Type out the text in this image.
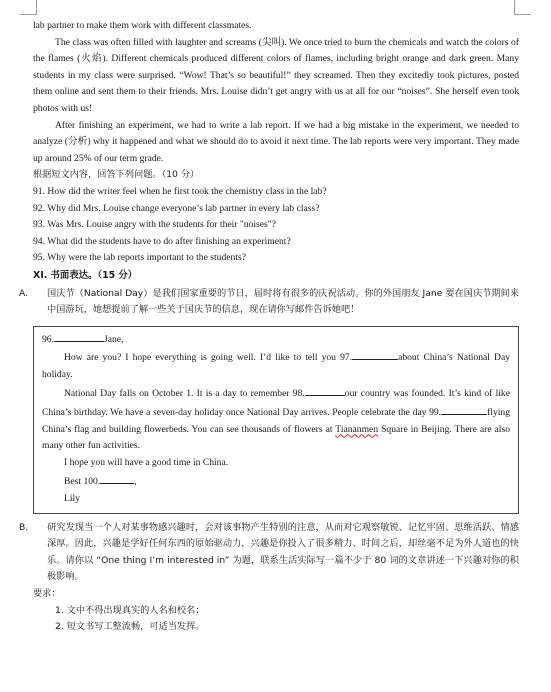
lab partner to make them work with different classmates.

The class was often filled with laughter and screams (尖叫). We once tried to burn the chemicals and watch the colors of the flames (火焰). Different chemicals produced different colors of flames, including bright orange and dark green. Many students in my class were surprised. “Wow! That’s so beautiful!” they screamed. Then they excitedly took pictures, posted them online and sent them to their friends. Mrs. Louise didn’t get angry with us at all for our “noises”. She herself even took photos with us!

After finishing an experiment, we had to write a lab report. If we had a big mistake in the experiment, we needed to analyze (分析) why it happened and what we should do to avoid it next time. The lab reports were very important. They made up around 25% of our term grade.

根据短文内容，回答下列问题。（10 分）

91. How did the writer feel when he first took the chemistry class in the lab?

92. Why did Mrs. Louise change everyone’s lab partner in every lab class?

93. Was Mrs. Louise angry with the students for their "noises"?

94. What did the students have to do after finishing an experiment?

95. Why were the lab reports important to the students?

XI. 书面表达。（15 分）

A. 国庆节（National Day）是我们国家重要的节日，届时将有很多的庆祝活动。你的外国朋友 Jane 要在国庆节期间来中国游玩，她想提前了解一些关于国庆节的信息，现在请你写邮件告诉她吧！

96.	Jane,

How are you? I hope everything is going well. I’d like to tell you 97.	about China’s National Day holiday.

National Day falls on October 1. It is a day to remember 98.	our country was founded. It’s kind of like China’s birthday. We have a seven-day holiday once National Day arrives. People celebrate the day 99.	flying China’s flag and building flowerbeds. You can see thousands of flowers at Tiananmen Square in Beijing. There are also many other fun activities.

I hope you will have a good time in China.

Best 100.	,

Lily

B. 研究发现当一个人对某事物感兴趣时，会对该事物产生特别的注意，从而对它观察敏锐、记忆牢固、思维活跃、情感深厚。因此，兴趣是学好任何东西的原始驱动力，兴趣是你投入了很多精力、时间之后，却丝毫不足为外人道也的快乐。请你以 “One thing I’m interested in” 为题，联系生活实际写一篇不少于 80 词的文章讲述一下兴趣对你的积极影响。

要求：

1. 文中不得出现真实的人名和校名；

2. 短文书写工整流畅，可适当发挥。
